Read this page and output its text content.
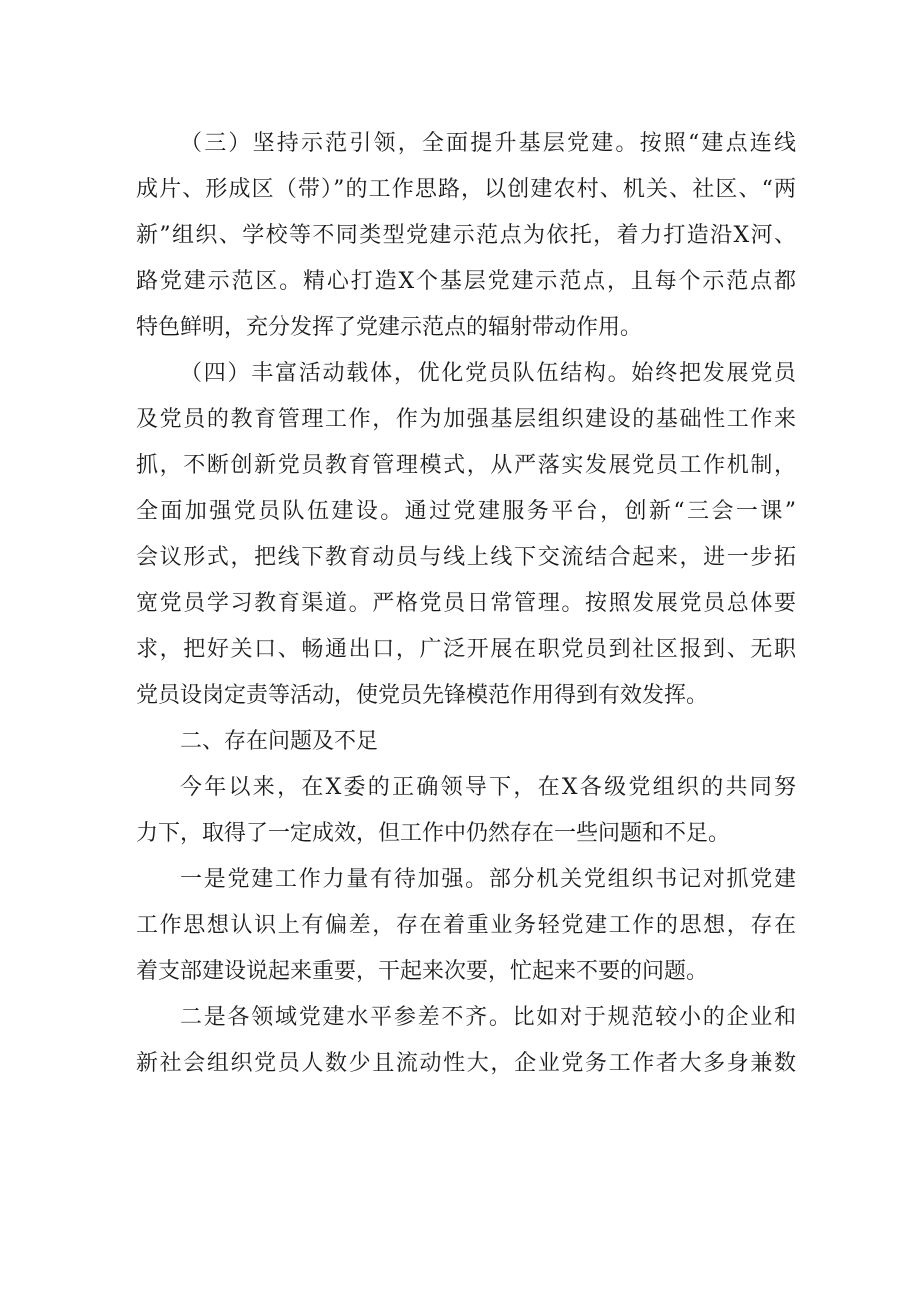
（三）坚持示范引领，全面提升基层党建。按照“建点连线
成片、形成区（带）”的工作思路，以创建农村、机关、社区、“两
新”组织、学校等不同类型党建示范点为依托，着力打造沿X河、
路党建示范区。精心打造X个基层党建示范点，且每个示范点都
特色鲜明，充分发挥了党建示范点的辐射带动作用。
（四）丰富活动载体，优化党员队伍结构。始终把发展党员
及党员的教育管理工作，作为加强基层组织建设的基础性工作来
抓，不断创新党员教育管理模式，从严落实发展党员工作机制，
全面加强党员队伍建设。通过党建服务平台，创新“三会一课”
会议形式，把线下教育动员与线上线下交流结合起来，进一步拓
宽党员学习教育渠道。严格党员日常管理。按照发展党员总体要
求，把好关口、畅通出口，广泛开展在职党员到社区报到、无职
党员设岗定责等活动，使党员先锋模范作用得到有效发挥。
二、存在问题及不足
今年以来，在X委的正确领导下，在X各级党组织的共同努
力下，取得了一定成效，但工作中仍然存在一些问题和不足。
一是党建工作力量有待加强。部分机关党组织书记对抓党建
工作思想认识上有偏差，存在着重业务轻党建工作的思想，存在
着支部建设说起来重要，干起来次要，忙起来不要的问题。
二是各领域党建水平参差不齐。比如对于规范较小的企业和
新社会组织党员人数少且流动性大，企业党务工作者大多身兼数
